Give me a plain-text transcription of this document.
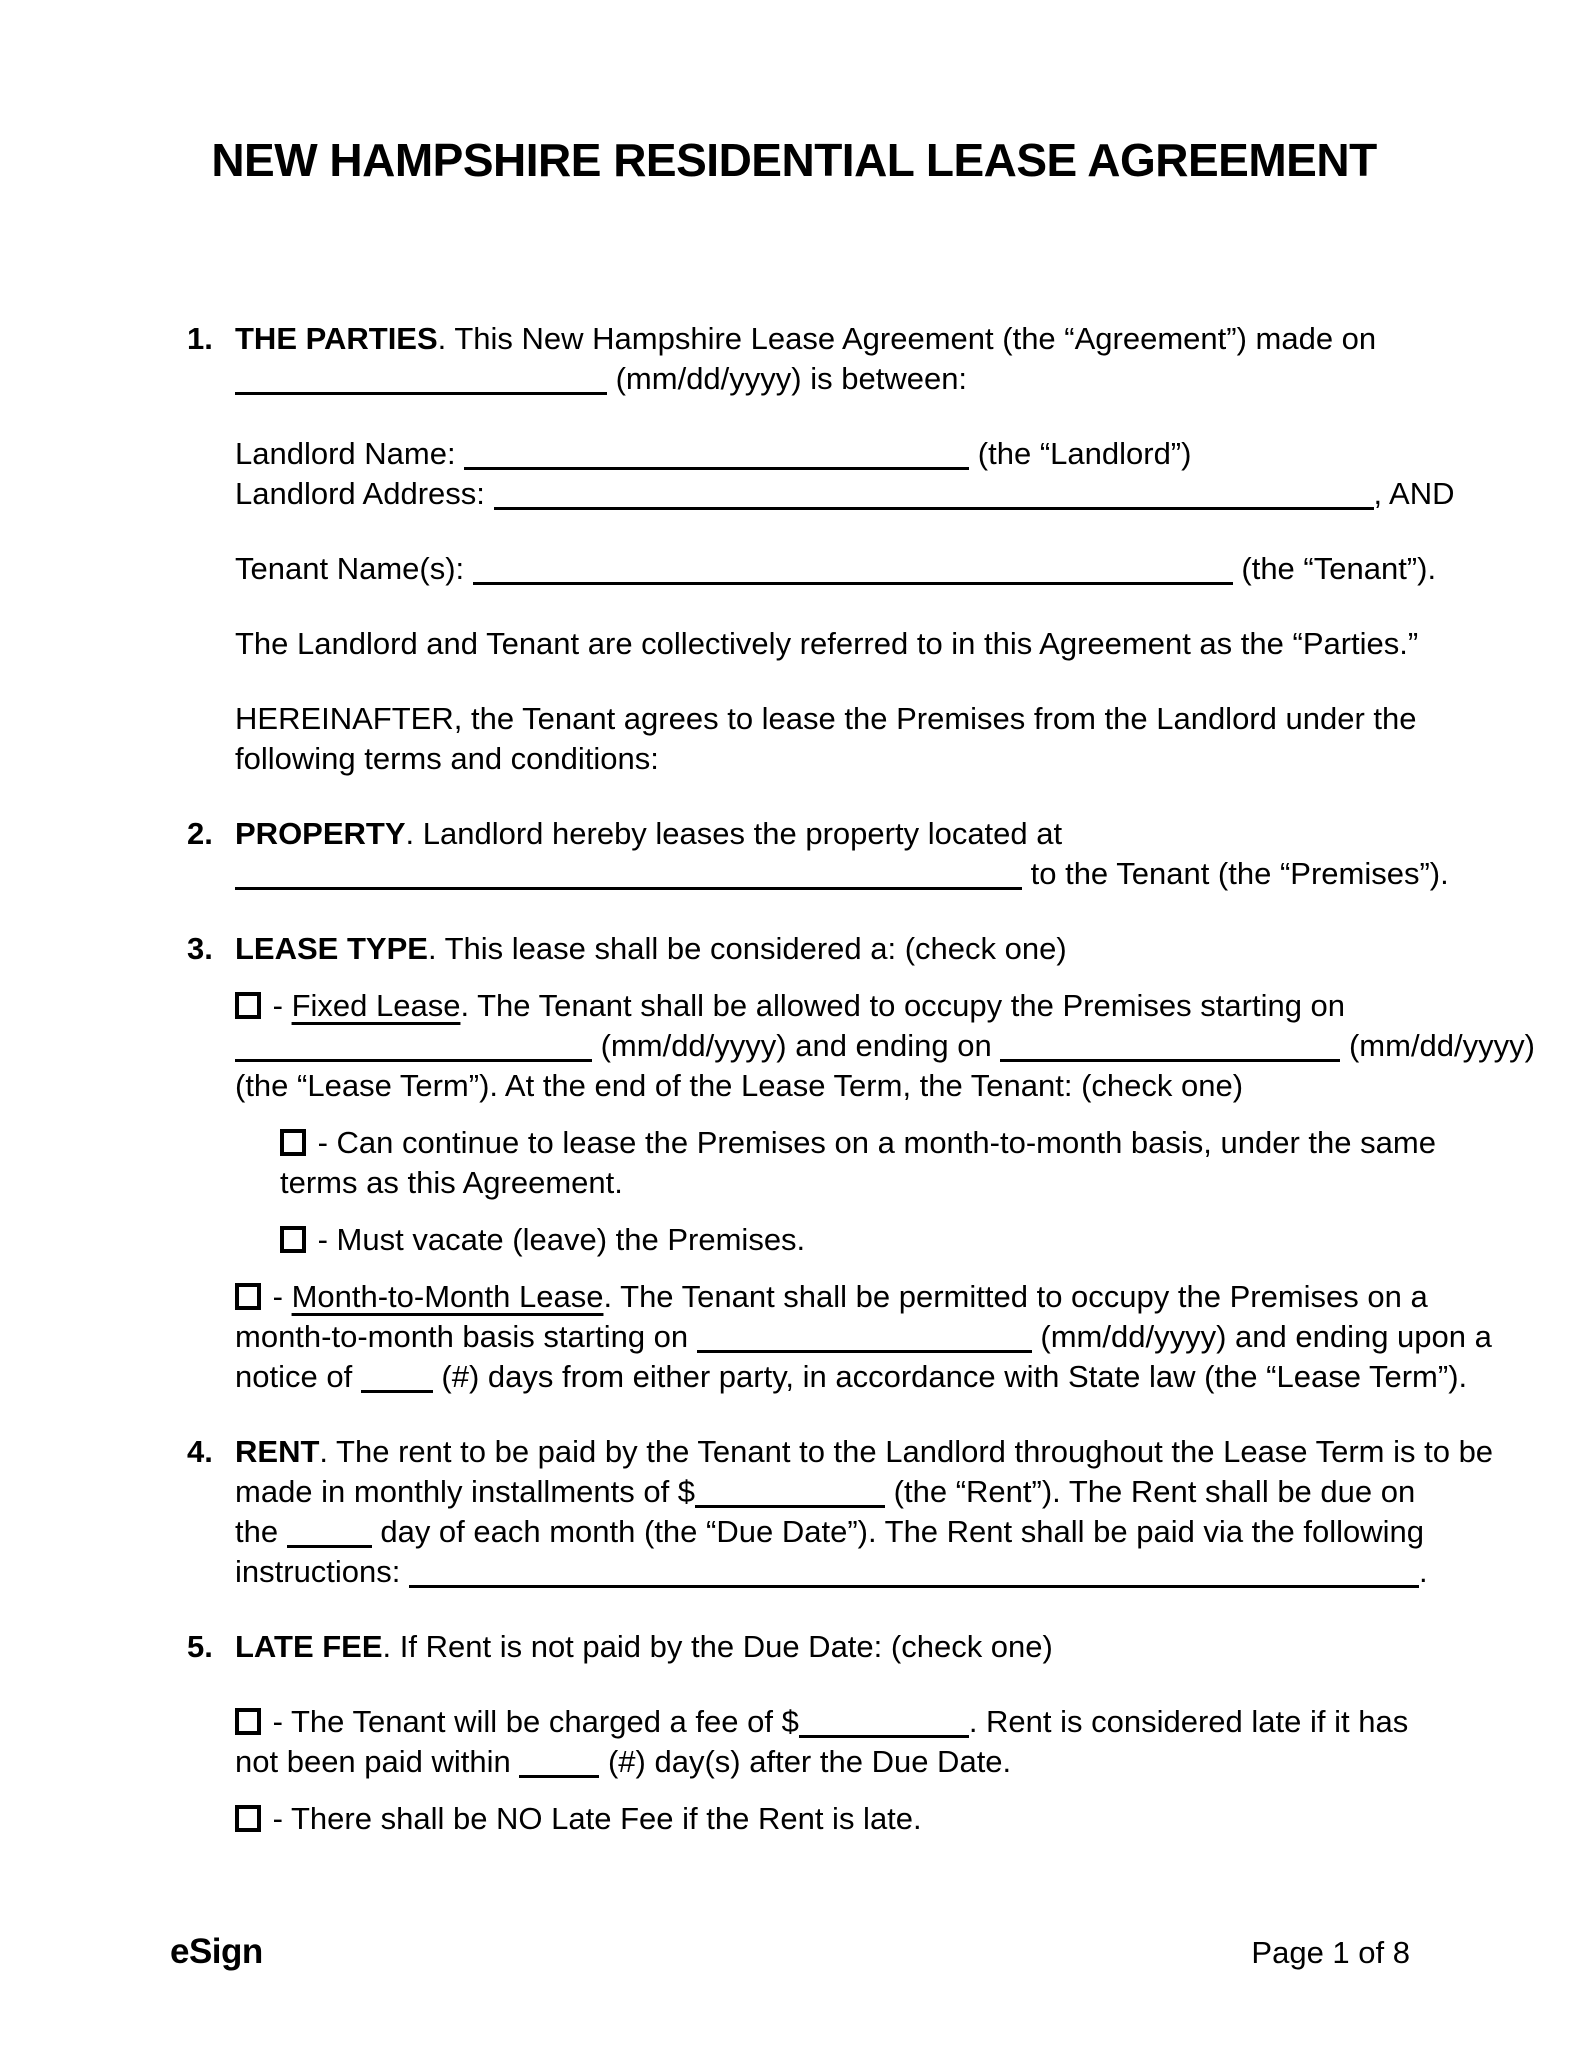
NEW HAMPSHIRE RESIDENTIAL LEASE AGREEMENT
1. THE PARTIES. This New Hampshire Lease Agreement (the “Agreement”) made on
(mm/dd/yyyy) is between:
Landlord Name:	(the “Landlord”)
Landlord Address:	, AND
Tenant Name(s):	(the “Tenant”).
The Landlord and Tenant are collectively referred to in this Agreement as the “Parties.”
HEREINAFTER, the Tenant agrees to lease the Premises from the Landlord under the
following terms and conditions:
2. PROPERTY. Landlord hereby leases the property located at
to the Tenant (the “Premises”).
3. LEASE TYPE. This lease shall be considered a: (check one)
- Fixed Lease. The Tenant shall be allowed to occupy the Premises starting on
(mm/dd/yyyy) and ending on	(mm/dd/yyyy)
(the “Lease Term”). At the end of the Lease Term, the Tenant: (check one)
- Can continue to lease the Premises on a month-to-month basis, under the same
terms as this Agreement.
- Must vacate (leave) the Premises.
- Month-to-Month Lease. The Tenant shall be permitted to occupy the Premises on a
month-to-month basis starting on	(mm/dd/yyyy) and ending upon a
notice of  (#) days from either party, in accordance with State law (the “Lease Term”).
4. RENT. The rent to be paid by the Tenant to the Landlord throughout the Lease Term is to be
made in monthly installments of $	(the “Rent”). The Rent shall be due on
the	day of each month (the “Due Date”). The Rent shall be paid via the following
instructions:	.
5. LATE FEE. If Rent is not paid by the Due Date: (check one)
- The Tenant will be charged a fee of $	. Rent is considered late if it has
not been paid within	(#) day(s) after the Due Date.
- There shall be NO Late Fee if the Rent is late.
eSign	Page 1 of 8
